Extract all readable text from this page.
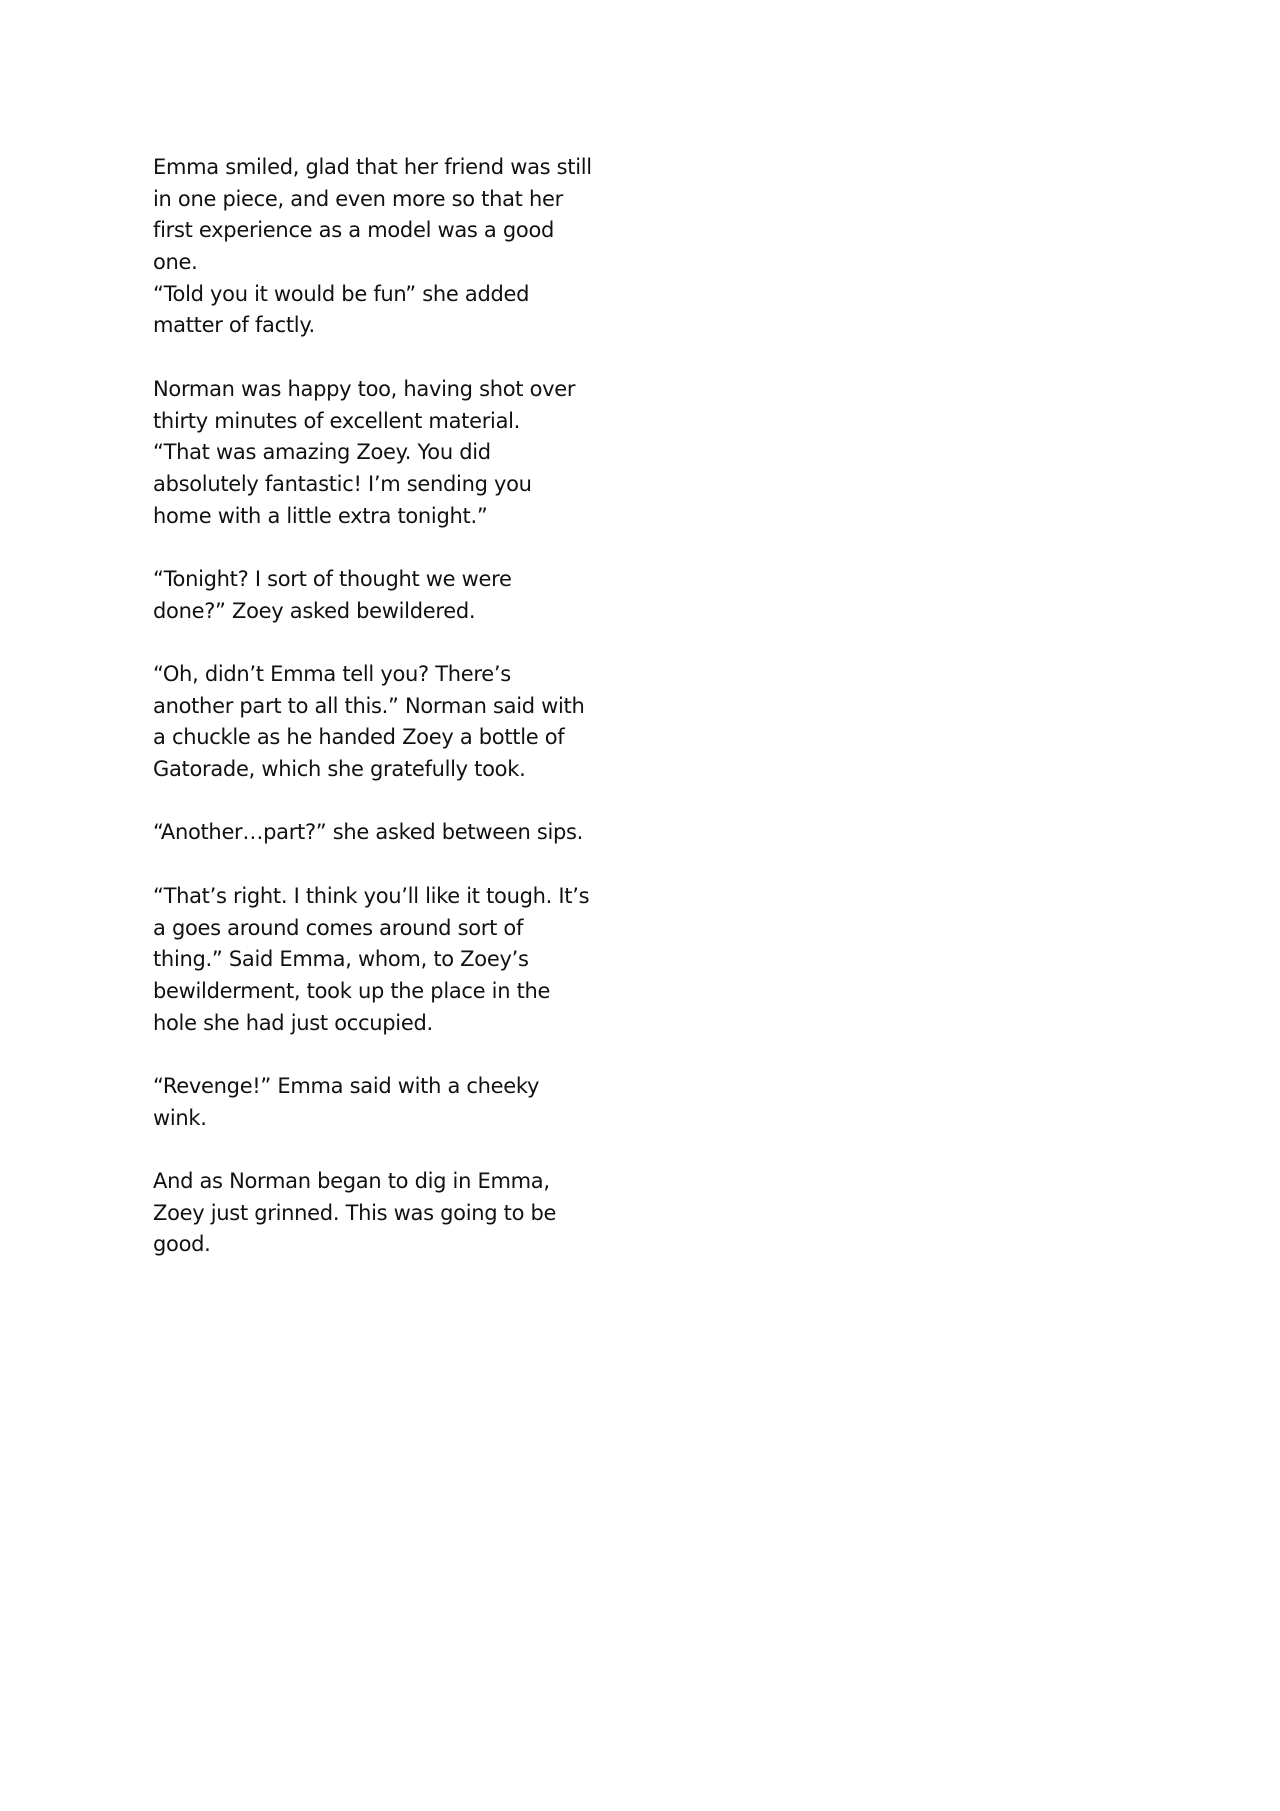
Emma smiled, glad that her friend was still
in one piece, and even more so that her
first experience as a model was a good
one.
“Told you it would be fun” she added
matter of factly.
Norman was happy too, having shot over
thirty minutes of excellent material.
“That was amazing Zoey. You did
absolutely fantastic! I’m sending you
home with a little extra tonight.”
“Tonight? I sort of thought we were
done?” Zoey asked bewildered.
“Oh, didn’t Emma tell you? There’s
another part to all this.” Norman said with
a chuckle as he handed Zoey a bottle of
Gatorade, which she gratefully took.
“Another…part?” she asked between sips.
“That’s right. I think you’ll like it tough. It’s
a goes around comes around sort of
thing.” Said Emma, whom, to Zoey’s
bewilderment, took up the place in the
hole she had just occupied.
“Revenge!” Emma said with a cheeky
wink.
And as Norman began to dig in Emma,
Zoey just grinned. This was going to be
good.
